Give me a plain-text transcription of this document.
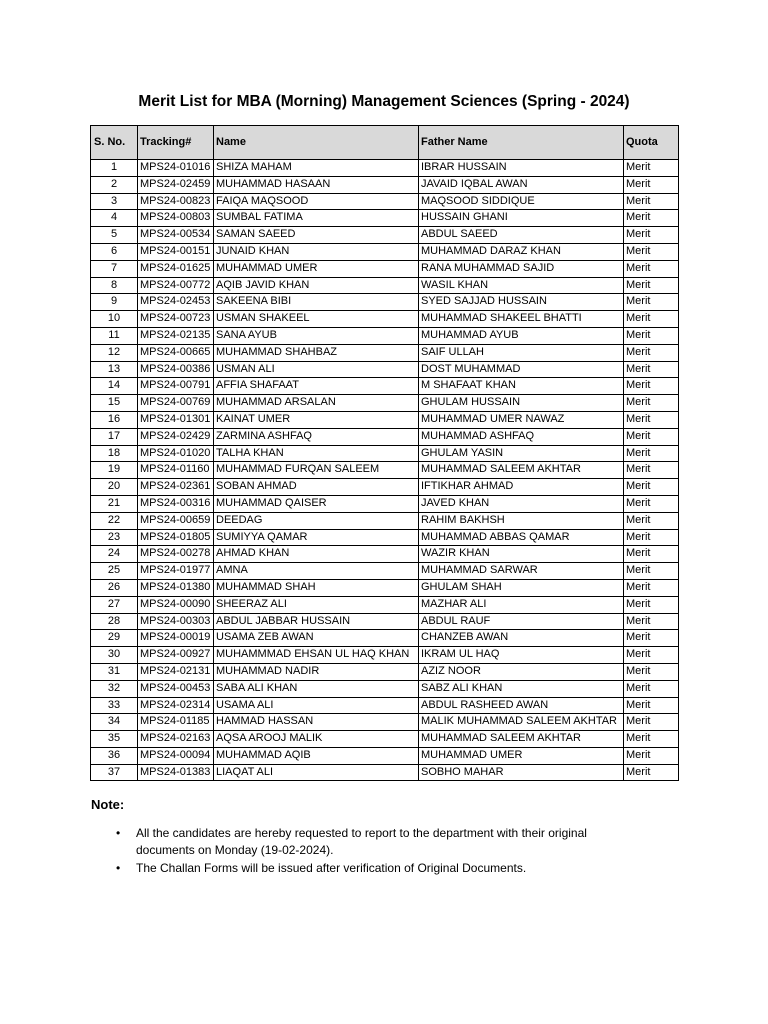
Merit List for MBA (Morning) Management Sciences (Spring - 2024)
S. No.	Tracking#	Name	Father Name	Quota
1	MPS24-01016	SHIZA MAHAM	IBRAR HUSSAIN	Merit
2	MPS24-02459	MUHAMMAD HASAAN	JAVAID IQBAL AWAN	Merit
3	MPS24-00823	FAIQA MAQSOOD	MAQSOOD SIDDIQUE	Merit
4	MPS24-00803	SUMBAL FATIMA	HUSSAIN GHANI	Merit
5	MPS24-00534	SAMAN SAEED	ABDUL SAEED	Merit
6	MPS24-00151	JUNAID KHAN	MUHAMMAD DARAZ KHAN	Merit
7	MPS24-01625	MUHAMMAD UMER	RANA MUHAMMAD SAJID	Merit
8	MPS24-00772	AQIB JAVID KHAN	WASIL KHAN	Merit
9	MPS24-02453	SAKEENA BIBI	SYED SAJJAD HUSSAIN	Merit
10	MPS24-00723	USMAN SHAKEEL	MUHAMMAD SHAKEEL BHATTI	Merit
11	MPS24-02135	SANA AYUB	MUHAMMAD AYUB	Merit
12	MPS24-00665	MUHAMMAD SHAHBAZ	SAIF ULLAH	Merit
13	MPS24-00386	USMAN ALI	DOST MUHAMMAD	Merit
14	MPS24-00791	AFFIA SHAFAAT	M SHAFAAT KHAN	Merit
15	MPS24-00769	MUHAMMAD ARSALAN	GHULAM HUSSAIN	Merit
16	MPS24-01301	KAINAT UMER	MUHAMMAD UMER NAWAZ	Merit
17	MPS24-02429	ZARMINA ASHFAQ	MUHAMMAD ASHFAQ	Merit
18	MPS24-01020	TALHA KHAN	GHULAM YASIN	Merit
19	MPS24-01160	MUHAMMAD FURQAN SALEEM	MUHAMMAD SALEEM AKHTAR	Merit
20	MPS24-02361	SOBAN AHMAD	IFTIKHAR AHMAD	Merit
21	MPS24-00316	MUHAMMAD QAISER	JAVED KHAN	Merit
22	MPS24-00659	DEEDAG	RAHIM BAKHSH	Merit
23	MPS24-01805	SUMIYYA QAMAR	MUHAMMAD ABBAS QAMAR	Merit
24	MPS24-00278	AHMAD KHAN	WAZIR KHAN	Merit
25	MPS24-01977	AMNA	MUHAMMAD SARWAR	Merit
26	MPS24-01380	MUHAMMAD SHAH	GHULAM SHAH	Merit
27	MPS24-00090	SHEERAZ ALI	MAZHAR ALI	Merit
28	MPS24-00303	ABDUL JABBAR HUSSAIN	ABDUL RAUF	Merit
29	MPS24-00019	USAMA ZEB AWAN	CHANZEB AWAN	Merit
30	MPS24-00927	MUHAMMMAD EHSAN UL HAQ KHAN	IKRAM UL HAQ	Merit
31	MPS24-02131	MUHAMMAD NADIR	AZIZ NOOR	Merit
32	MPS24-00453	SABA ALI KHAN	SABZ ALI KHAN	Merit
33	MPS24-02314	USAMA ALI	ABDUL RASHEED AWAN	Merit
34	MPS24-01185	HAMMAD HASSAN	MALIK MUHAMMAD SALEEM AKHTAR	Merit
35	MPS24-02163	AQSA AROOJ MALIK	MUHAMMAD SALEEM AKHTAR	Merit
36	MPS24-00094	MUHAMMAD AQIB	MUHAMMAD UMER	Merit
37	MPS24-01383	LIAQAT ALI	SOBHO MAHAR	Merit
Note:
• All the candidates are hereby requested to report to the department with their original documents on Monday (19-02-2024).
• The Challan Forms will be issued after verification of Original Documents.
